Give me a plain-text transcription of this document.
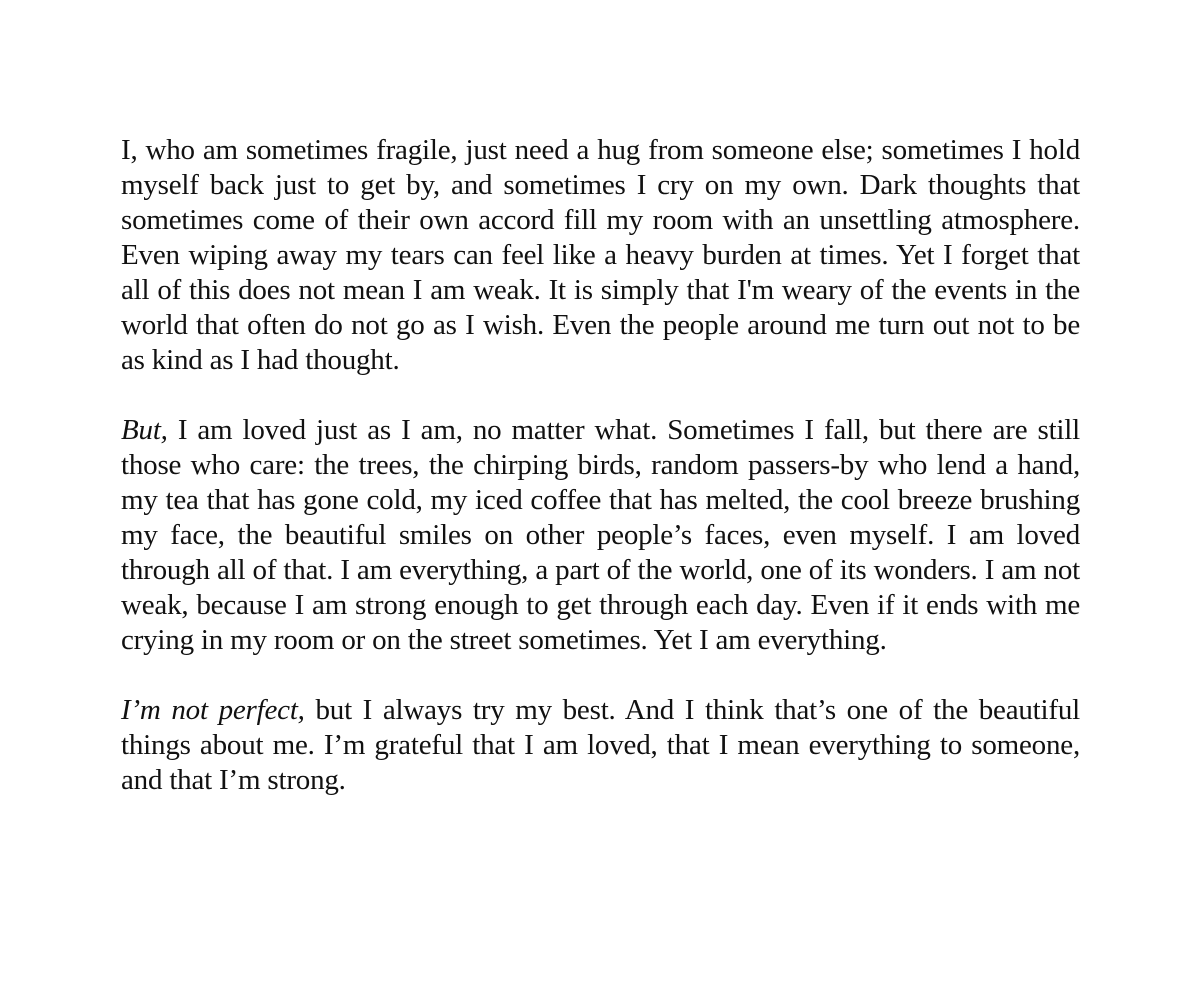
I, who am sometimes fragile, just need a hug from someone else; sometimes I hold myself back just to get by, and sometimes I cry on my own. Dark thoughts that sometimes come of their own accord fill my room with an unsettling atmosphere. Even wiping away my tears can feel like a heavy burden at times. Yet I forget that all of this does not mean I am weak. It is simply that I'm weary of the events in the world that often do not go as I wish. Even the people around me turn out not to be as kind as I had thought.

But, I am loved just as I am, no matter what. Sometimes I fall, but there are still those who care: the trees, the chirping birds, random passers-by who lend a hand, my tea that has gone cold, my iced coffee that has melted, the cool breeze brushing my face, the beautiful smiles on other people’s faces, even myself. I am loved through all of that. I am everything, a part of the world, one of its wonders. I am not weak, because I am strong enough to get through each day. Even if it ends with me crying in my room or on the street sometimes. Yet I am everything.

I’m not perfect, but I always try my best. And I think that’s one of the beautiful things about me. I’m grateful that I am loved, that I mean everything to someone, and that I’m strong.
